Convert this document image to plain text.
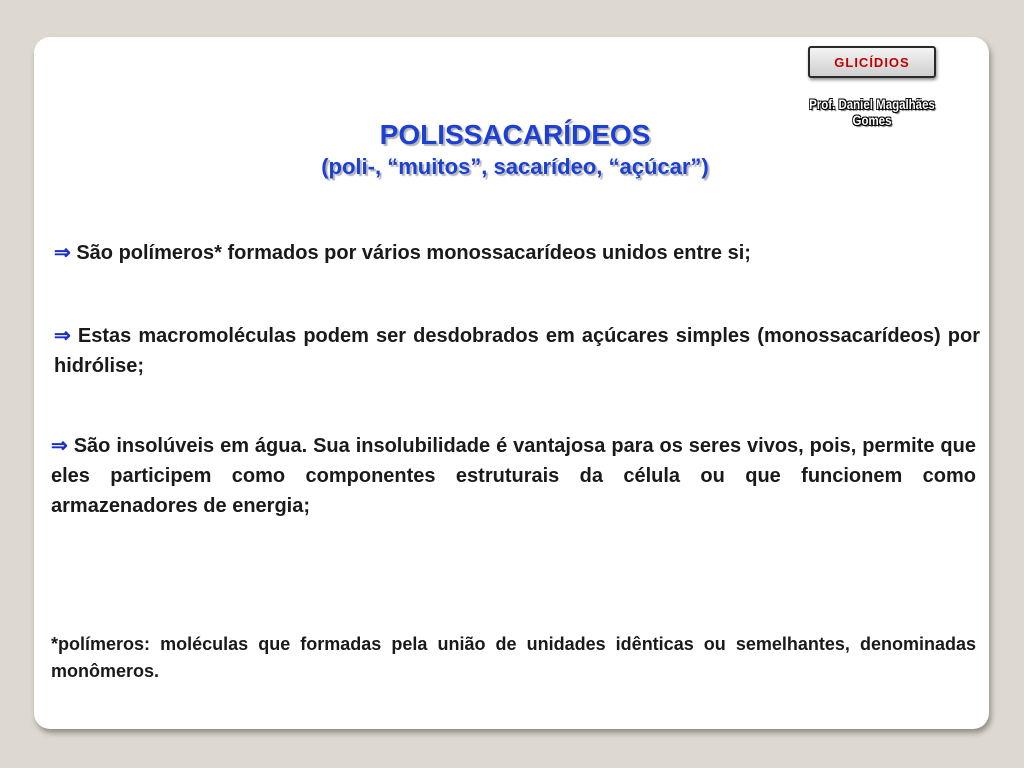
GLICÍDIOS
Prof. Daniel Magalhães Gomes
POLISSACARÍDEOS
(poli-, “muitos”, sacarídeo, “açúcar”)
⇒ São polímeros* formados por vários monossacarídeos unidos entre si;
⇒ Estas macromoléculas podem ser desdobrados em açúcares simples (monossacarídeos) por hidrólise;
⇒ São insolúveis em água. Sua insolubilidade é vantajosa para os seres vivos, pois, permite que eles participem como componentes estruturais da célula ou que funcionem como armazenadores de energia;
*polímeros: moléculas que formadas pela união de unidades idênticas ou semelhantes, denominadas monômeros.
